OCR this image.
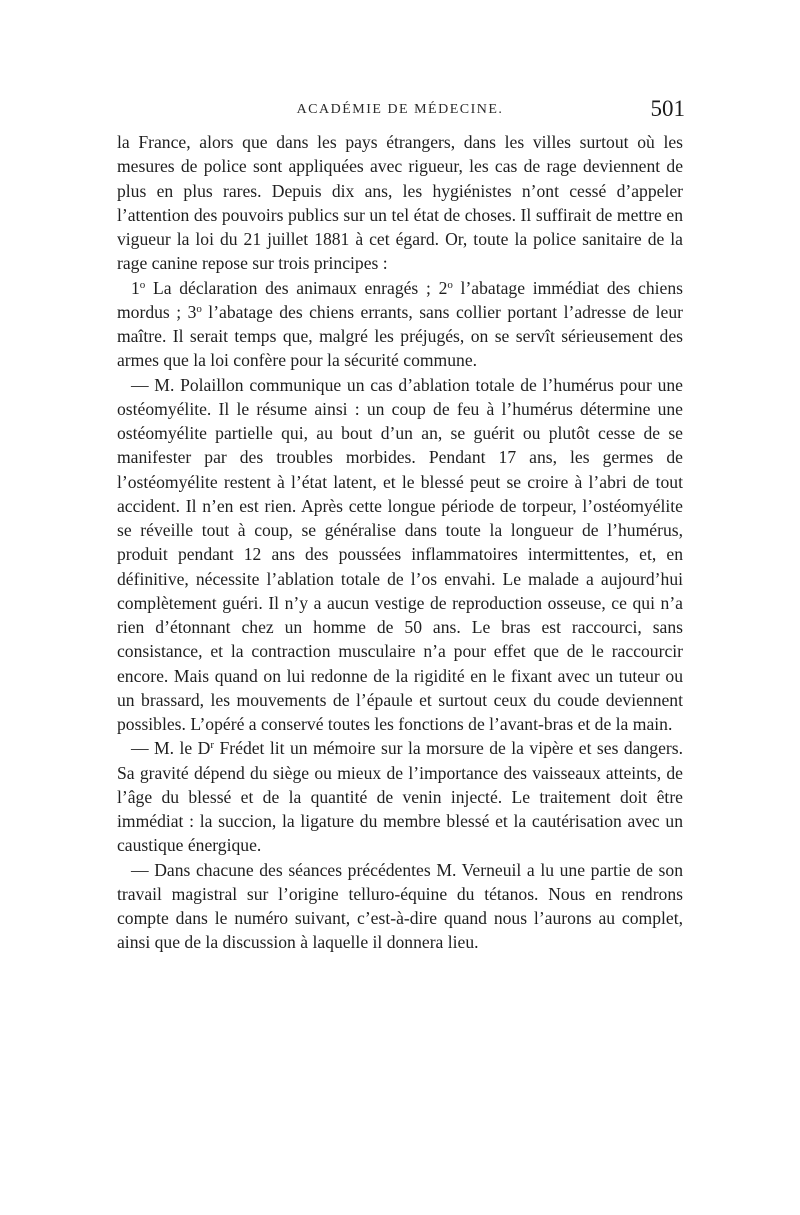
ACADÉMIE DE MÉDECINE.	501

la France, alors que dans les pays étrangers, dans les villes surtout où les mesures de police sont appliquées avec rigueur, les cas de rage deviennent de plus en plus rares. Depuis dix ans, les hygiénistes n’ont cessé d’appeler l’attention des pouvoirs publics sur un tel état de choses. Il suffirait de mettre en vigueur la loi du 21 juillet 1881 à cet égard. Or, toute la police sanitaire de la rage canine repose sur trois principes :

1$^o$ La déclaration des animaux enragés ; 2$^o$ l’abatage immédiat des chiens mordus ; 3$^o$ l’abatage des chiens errants, sans collier portant l’adresse de leur maître. Il serait temps que, malgré les préjugés, on se servît sérieusement des armes que la loi confère pour la sécurité commune.

— M. Polaillon communique un cas d’ablation totale de l’humérus pour une ostéomyélite. Il le résume ainsi : un coup de feu à l’humérus détermine une ostéomyélite partielle qui, au bout d’un an, se guérit ou plutôt cesse de se manifester par des troubles morbides. Pendant 17 ans, les germes de l’ostéomyélite restent à l’état latent, et le blessé peut se croire à l’abri de tout accident. Il n’en est rien. Après cette longue période de torpeur, l’ostéomyélite se réveille tout à coup, se généralise dans toute la longueur de l’humérus, produit pendant 12 ans des poussées inflammatoires intermittentes, et, en définitive, nécessite l’ablation totale de l’os envahi. Le malade a aujourd’hui complètement guéri. Il n’y a aucun vestige de reproduction osseuse, ce qui n’a rien d’étonnant chez un homme de 50 ans. Le bras est raccourci, sans consistance, et la contraction musculaire n’a pour effet que de le raccourcir encore. Mais quand on lui redonne de la rigidité en le fixant avec un tuteur ou un brassard, les mouvements de l’épaule et surtout ceux du coude deviennent possibles. L’opéré a conservé toutes les fonctions de l’avant-bras et de la main.

— M. le $D^r$ Frédet lit un mémoire sur la morsure de la vipère et ses dangers. Sa gravité dépend du siège ou mieux de l’importance des vaisseaux atteints, de l’âge du blessé et de la quantité de venin injecté. Le traitement doit être immédiat : la succion, la ligature du membre blessé et la cautérisation avec un caustique énergique.

— Dans chacune des séances précédentes M. Verneuil a lu une partie de son travail magistral sur l’origine telluro-équine du tétanos. Nous en rendrons compte dans le numéro suivant, c’est-à-dire quand nous l’aurons au complet, ainsi que de la discussion à laquelle il donnera lieu.
